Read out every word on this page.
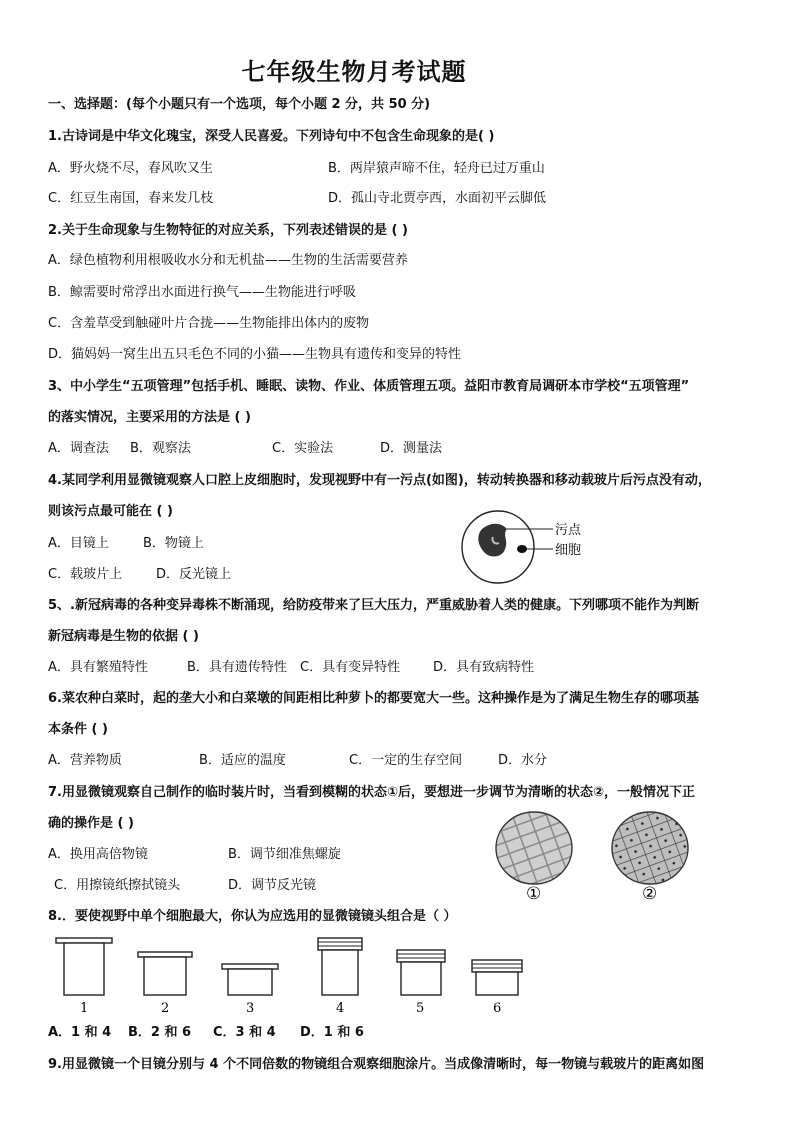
七年级生物月考试题
一、选择题：(每个小题只有一个选项，每个小题 2 分，共 50 分)
1.古诗词是中华文化瑰宝，深受人民喜爱。下列诗句中不包含生命现象的是( )
A．野火烧不尽，春风吹又生	B．两岸猿声啼不住，轻舟已过万重山
C．红豆生南国，春来发几枝	D．孤山寺北贾亭西，水面初平云脚低
2.关于生命现象与生物特征的对应关系，下列表述错误的是 ( )
A．绿色植物利用根吸收水分和无机盐——生物的生活需要营养
B．鲸需要时常浮出水面进行换气——生物能进行呼吸
C．含羞草受到触碰叶片合拢——生物能排出体内的废物
D．猫妈妈一窝生出五只毛色不同的小猫——生物具有遗传和变异的特性
3、中小学生“五项管理”包括手机、睡眠、读物、作业、体质管理五项。益阳市教育局调研本市学校“五项管理”
的落实情况，主要采用的方法是 ( )
A．调查法 B．观察法	C．实验法	D．测量法
4.某同学利用显微镜观察人口腔上皮细胞时，发现视野中有一污点(如图)，转动转换器和移动载玻片后污点没有动，
则该污点最可能在 ( )
A．目镜上	B．物镜上
C．载玻片上	D．反光镜上
污点
细胞
5、.新冠病毒的各种变异毒株不断涌现，给防疫带来了巨大压力，严重威胁着人类的健康。下列哪项不能作为判断
新冠病毒是生物的依据 ( )
A．具有繁殖特性	B．具有遗传特性 C．具有变异特性	D．具有致病特性
6.菜农种白菜时，起的垄大小和白菜墩的间距相比种萝卜的都要宽大一些。这种操作是为了满足生物生存的哪项基
本条件 ( )
A．营养物质	B．适应的温度	C．一定的生存空间	D．水分
7.用显微镜观察自己制作的临时装片时，当看到模糊的状态①后，要想进一步调节为清晰的状态②，一般情况下正
确的操作是 ( )
A．换用高倍物镜	B．调节细准焦螺旋
C．用擦镜纸擦拭镜头	D．调节反光镜	①	②
8.．要使视野中单个细胞最大，你认为应选用的显微镜镜头组合是（ ）
1	2	3	4	5	6
A．1 和 4 B．2 和 6 C．3 和 4 D．1 和 6
9.用显微镜一个目镜分别与 4 个不同倍数的物镜组合观察细胞涂片。当成像清晰时，每一物镜与载玻片的距离如图
